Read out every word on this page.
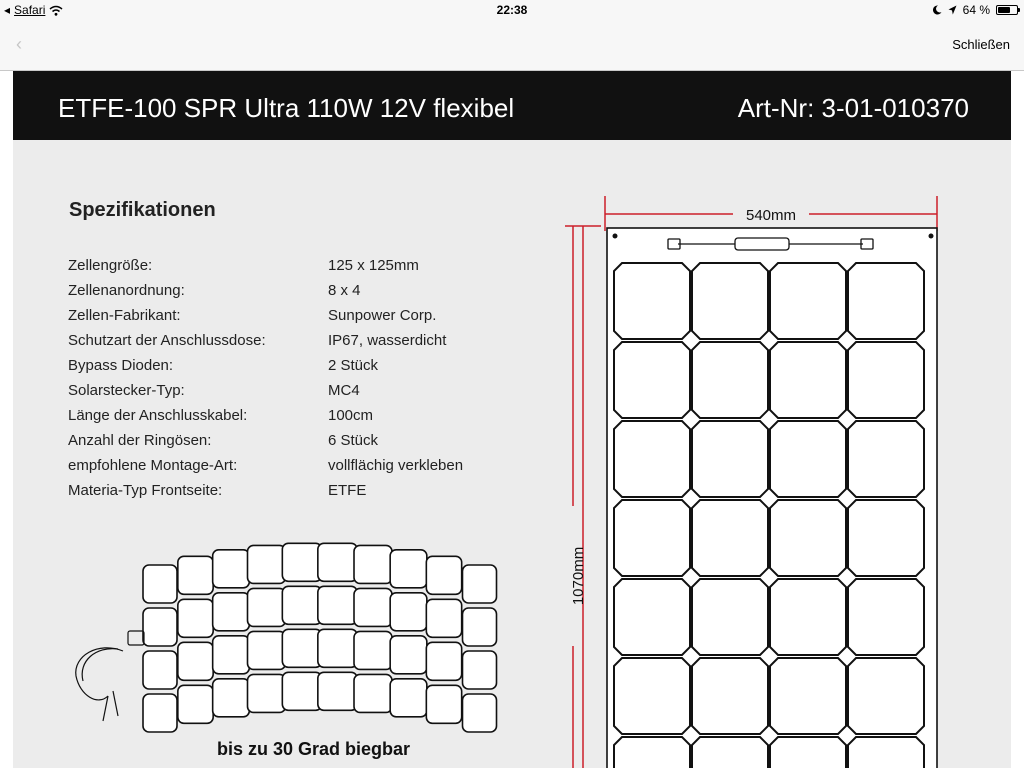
◂ Safari	22:38	64 %
‹	Schließen
ETFE-100 SPR Ultra 110W 12V flexibel	Art-Nr: 3-01-010370
Spezifikationen
Zellengröße:	125 x 125mm
Zellenanordnung:	8 x 4
Zellen-Fabrikant:	Sunpower Corp.
Schutzart der Anschlussdose:	IP67, wasserdicht
Bypass Dioden:	2 Stück
Solarstecker-Typ:	MC4
Länge der Anschlusskabel:	100cm
Anzahl der Ringösen:	6 Stück
empfohlene Montage-Art:	vollflächig verkleben
Materia-Typ Frontseite:	ETFE
bis zu 30 Grad biegbar
540mm
1070mm
